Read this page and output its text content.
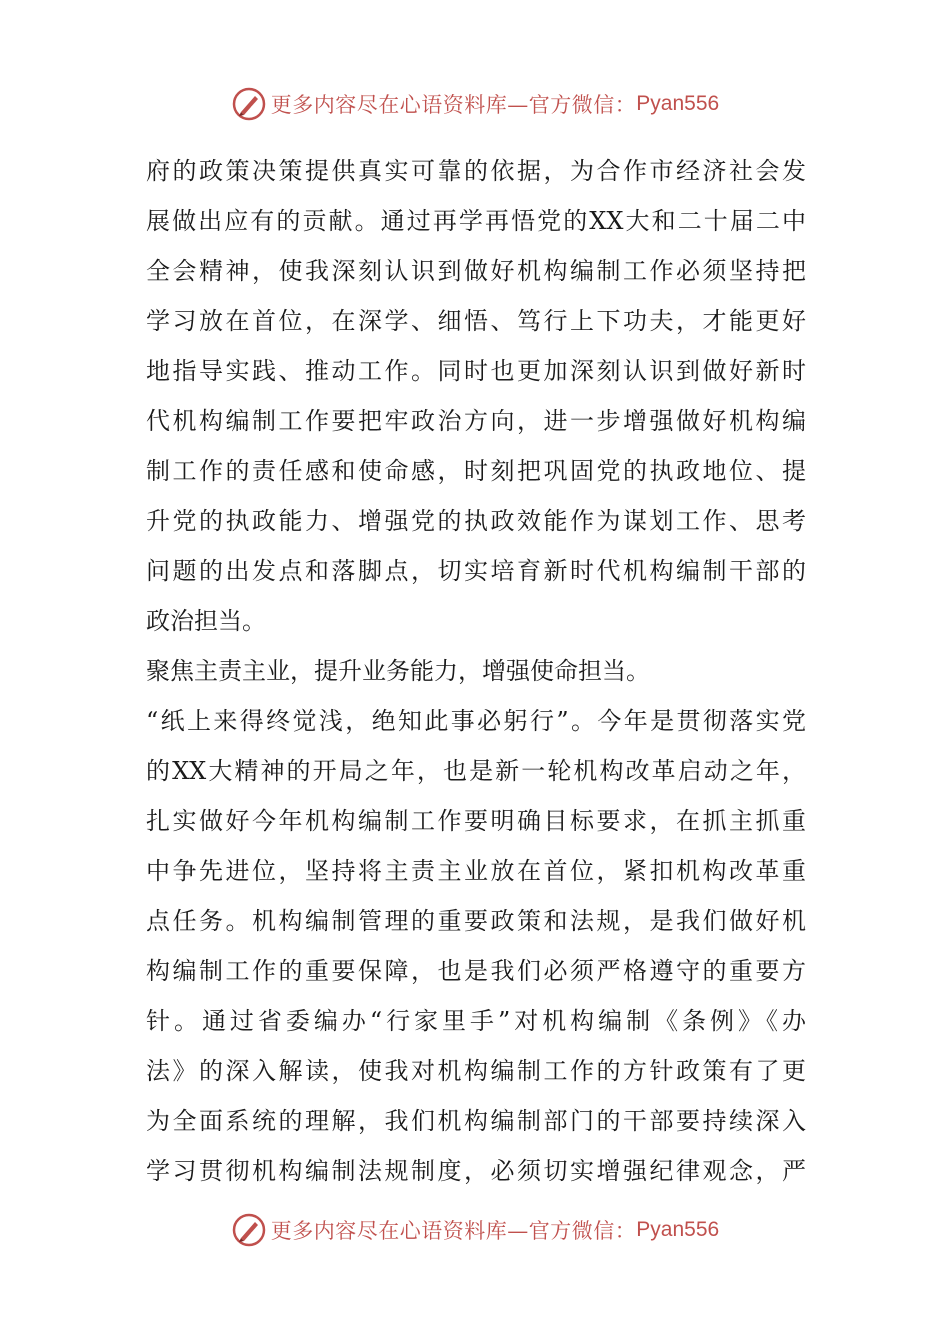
更多内容尽在心语资料库—官方微信： Pyan556
府的政策决策提供真实可靠的依据，为合作市经济社会发
展做出应有的贡献。通过再学再悟党的XX大和二十届二中
全会精神，使我深刻认识到做好机构编制工作必须坚持把
学习放在首位，在深学、细悟、笃行上下功夫，才能更好
地指导实践、推动工作。同时也更加深刻认识到做好新时
代机构编制工作要把牢政治方向，进一步增强做好机构编
制工作的责任感和使命感，时刻把巩固党的执政地位、提
升党的执政能力、增强党的执政效能作为谋划工作、思考
问题的出发点和落脚点，切实培育新时代机构编制干部的
政治担当。
聚焦主责主业，提升业务能力，增强使命担当。
“纸上来得终觉浅，绝知此事必躬行”。今年是贯彻落实党
的XX大精神的开局之年，也是新一轮机构改革启动之年，
扎实做好今年机构编制工作要明确目标要求，在抓主抓重
中争先进位，坚持将主责主业放在首位，紧扣机构改革重
点任务。机构编制管理的重要政策和法规，是我们做好机
构编制工作的重要保障，也是我们必须严格遵守的重要方
针。通过省委编办“行家里手”对机构编制《条例》《办
法》的深入解读，使我对机构编制工作的方针政策有了更
为全面系统的理解，我们机构编制部门的干部要持续深入
学习贯彻机构编制法规制度，必须切实增强纪律观念，严
更多内容尽在心语资料库—官方微信： Pyan556
